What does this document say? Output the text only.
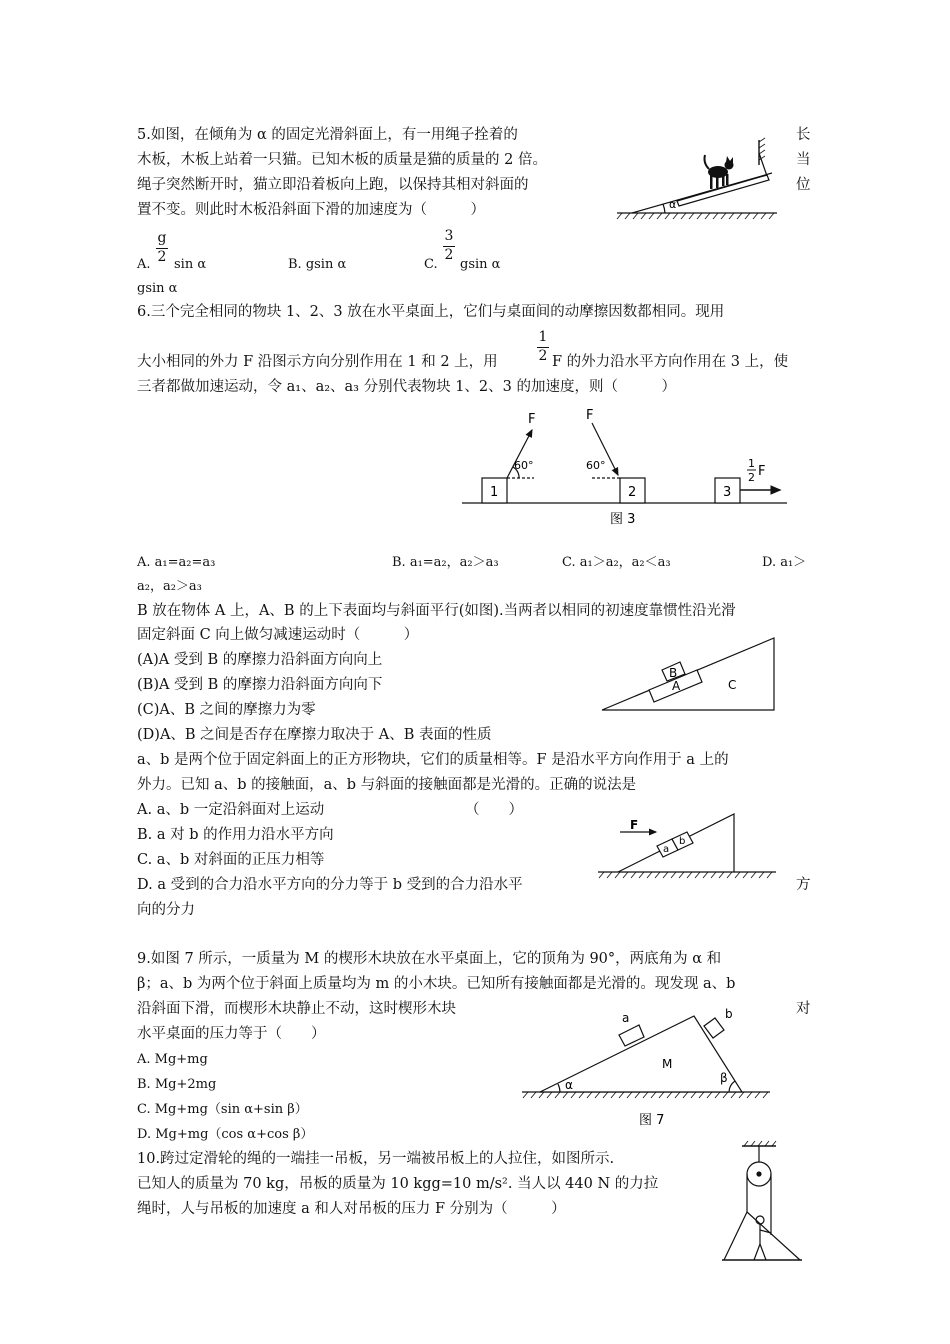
5.如图，在倾角为 α 的固定光滑斜面上，有一用绳子拴着的	长
木板，木板上站着一只猫。已知木板的质量是猫的质量的 2 倍。	当
绳子突然断开时，猫立即沿着板向上跑，以保持其相对斜面的	位
置不变。则此时木板沿斜面下滑的加速度为（　　　）	α
A.
g
2 sin α	B. gsin α	C.
3
2
gsin α
gsin α
6.三个完全相同的物块 1、2、3 放在水平桌面上，它们与桌面间的动摩擦因数都相同。现用
1
2
大小相同的外力 F 沿图示方向分别作用在 1 和 2 上，用	F 的外力沿水平方向作用在 3 上，使
三者都做加速运动，令 a₁、a₂、a₃ 分别代表物块 1、2、3 的加速度，则（　　　）
F	F
60°	60°
1	2	3
1
2 F
图 3
A. a₁=a₂=a₃	B. a₁=a₂，a₂＞a₃	C. a₁＞a₂，a₂＜a₃	D. a₁＞
a₂，a₂＞a₃
B 放在物体 A 上，A、B 的上下表面均与斜面平行(如图).当两者以相同的初速度靠惯性沿光滑
固定斜面 C 向上做匀减速运动时（　　　）
(A)A 受到 B 的摩擦力沿斜面方向向上
(B)A 受到 B 的摩擦力沿斜面方向向下
(C)A、B 之间的摩擦力为零
(D)A、B 之间是否存在摩擦力取决于 A、B 表面的性质
B
A	C
a、b 是两个位于固定斜面上的正方形物块，它们的质量相等。F 是沿水平方向作用于 a 上的
外力。已知 a、b 的接触面，a、b 与斜面的接触面都是光滑的。正确的说法是
A. a、b 一定沿斜面对上运动	（　　）
B. a 对 b 的作用力沿水平方向
C. a、b 对斜面的正压力相等
D. a 受到的合力沿水平方向的分力等于 b 受到的合力沿水平	方
向的分力
F
a
b
9.如图 7 所示，一质量为 M 的楔形木块放在水平桌面上，它的顶角为 90°，两底角为 α 和
β；a、b 为两个位于斜面上质量均为 m 的小木块。已知所有接触面都是光滑的。现发现 a、b
沿斜面下滑，而楔形木块静止不动，这时楔形木块	对
水平桌面的压力等于（　　）
A. Mg+mg
B. Mg+2mg
C. Mg+mg（sin α+sin β）
D. Mg+mg（cos α+cos β）
a	b
M
α	β
图 7
10.跨过定滑轮的绳的一端挂一吊板，另一端被吊板上的人拉住，如图所示.
已知人的质量为 70 kg，吊板的质量为 10 kgg=10 m/s². 当人以 440 N 的力拉
绳时，人与吊板的加速度 a 和人对吊板的压力 F 分别为（　　　）
